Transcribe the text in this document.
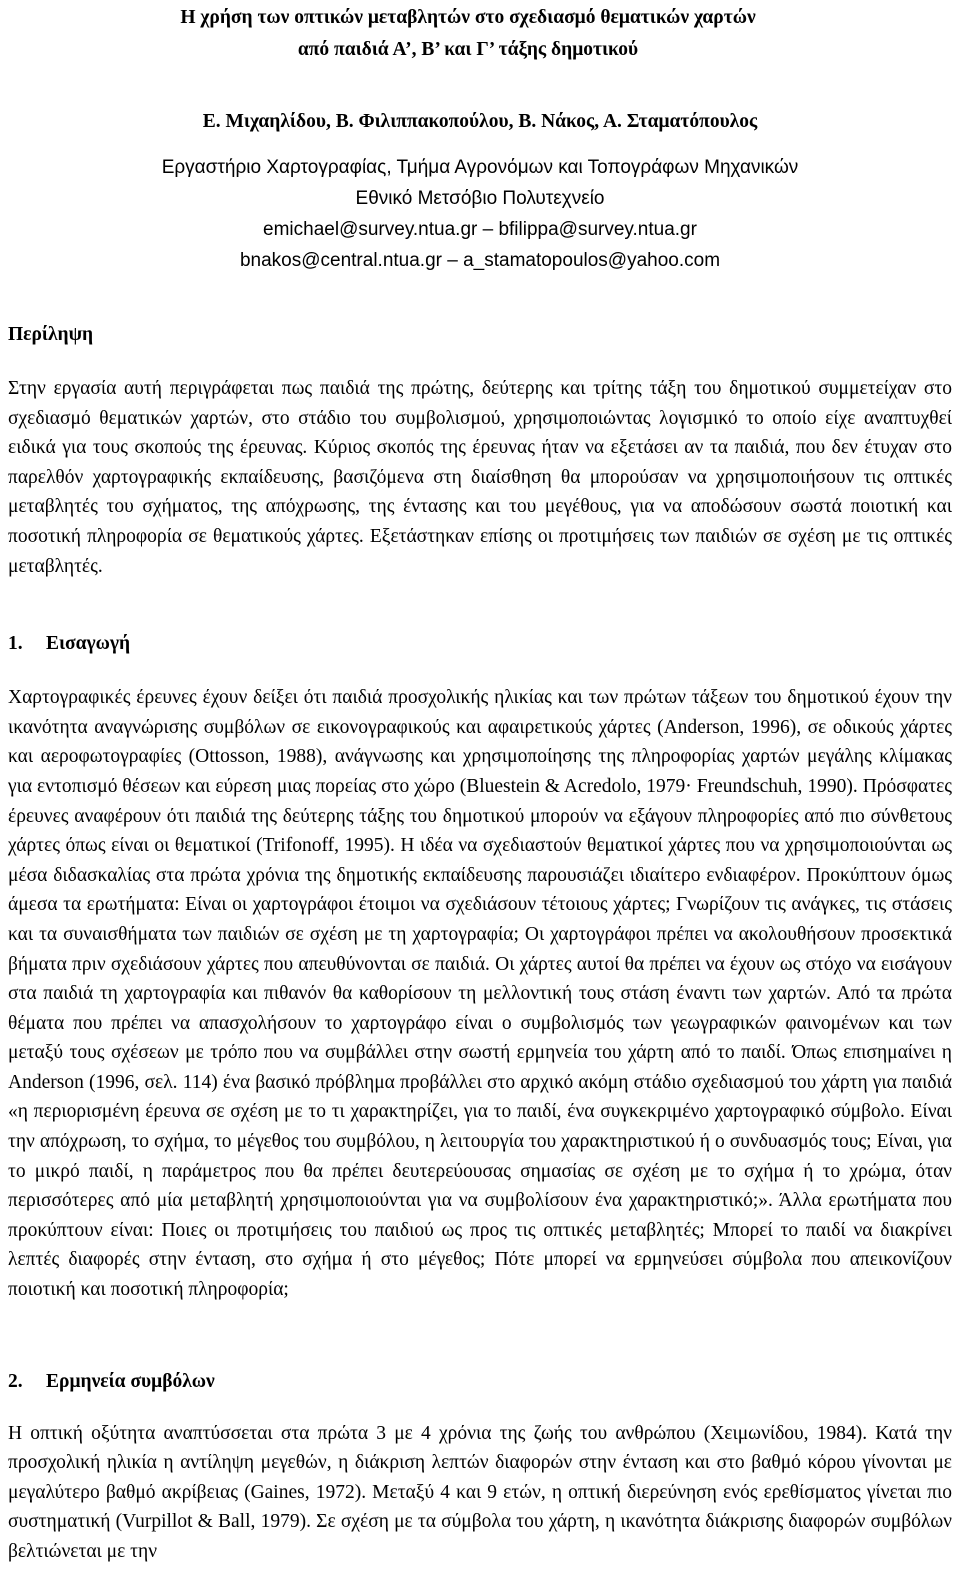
Η χρήση των οπτικών μεταβλητών στο σχεδιασμό θεματικών χαρτών

από παιδιά Α’, Β’ και Γ’ τάξης δημοτικού

Ε. Μιχαηλίδου, Β. Φιλιππακοπούλου, Β. Νάκος, Α. Σταματόπουλος

Εργαστήριο Χαρτογραφίας, Τμήμα Αγρονόμων και Τοπογράφων Μηχανικών

Εθνικό Μετσόβιο Πολυτεχνείο

emichael@survey.ntua.gr – bfilippa@survey.ntua.gr

bnakos@central.ntua.gr – a_stamatopoulos@yahoo.com

Περίληψη

Στην εργασία αυτή περιγράφεται πως παιδιά της πρώτης, δεύτερης και τρίτης τάξη του δημοτικού συμμετείχαν στο σχεδιασμό θεματικών χαρτών, στο στάδιο του συμβολισμού, χρησιμοποιώντας λογισμικό το οποίο είχε αναπτυχθεί ειδικά για τους σκοπούς της έρευνας. Κύριος σκοπός της έρευνας ήταν να εξετάσει αν τα παιδιά, που δεν έτυχαν στο παρελθόν χαρτογραφικής εκπαίδευσης, βασιζόμενα στη διαίσθηση θα μπορούσαν να χρησιμοποιήσουν τις οπτικές μεταβλητές του σχήματος, της απόχρωσης, της έντασης και του μεγέθους, για να αποδώσουν σωστά ποιοτική και ποσοτική πληροφορία σε θεματικούς χάρτες. Εξετάστηκαν επίσης οι προτιμήσεις των παιδιών σε σχέση με τις οπτικές μεταβλητές.

1. Εισαγωγή

Χαρτογραφικές έρευνες έχουν δείξει ότι παιδιά προσχολικής ηλικίας και των πρώτων τάξεων του δημοτικού έχουν την ικανότητα αναγνώρισης συμβόλων σε εικονογραφικούς και αφαιρετικούς χάρτες (Anderson, 1996), σε οδικούς χάρτες και αεροφωτογραφίες (Ottosson, 1988), ανάγνωσης και χρησιμοποίησης της πληροφορίας χαρτών μεγάλης κλίμακας για εντοπισμό θέσεων και εύρεση μιας πορείας στο χώρο (Bluestein & Acredolo, 1979· Freundschuh, 1990). Πρόσφατες έρευνες αναφέρουν ότι παιδιά της δεύτερης τάξης του δημοτικού μπορούν να εξάγουν πληροφορίες από πιο σύνθετους χάρτες όπως είναι οι θεματικοί (Trifonoff, 1995). Η ιδέα να σχεδιαστούν θεματικοί χάρτες που να χρησιμοποιούνται ως μέσα διδασκαλίας στα πρώτα χρόνια της δημοτικής εκπαίδευσης παρουσιάζει ιδιαίτερο ενδιαφέρον. Προκύπτουν όμως άμεσα τα ερωτήματα: Είναι οι χαρτογράφοι έτοιμοι να σχεδιάσουν τέτοιους χάρτες; Γνωρίζουν τις ανάγκες, τις στάσεις και τα συναισθήματα των παιδιών σε σχέση με τη χαρτογραφία; Οι χαρτογράφοι πρέπει να ακολουθήσουν προσεκτικά βήματα πριν σχεδιάσουν χάρτες που απευθύνονται σε παιδιά. Οι χάρτες αυτοί θα πρέπει να έχουν ως στόχο να εισάγουν στα παιδιά τη χαρτογραφία και πιθανόν θα καθορίσουν τη μελλοντική τους στάση έναντι των χαρτών. Από τα πρώτα θέματα που πρέπει να απασχολήσουν το χαρτογράφο είναι ο συμβολισμός των γεωγραφικών φαινομένων και των μεταξύ τους σχέσεων με τρόπο που να συμβάλλει στην σωστή ερμηνεία του χάρτη από το παιδί. Όπως επισημαίνει η Anderson (1996, σελ. 114) ένα βασικό πρόβλημα προβάλλει στο αρχικό ακόμη στάδιο σχεδιασμού του χάρτη για παιδιά «η περιορισμένη έρευνα σε σχέση με το τι χαρακτηρίζει, για το παιδί, ένα συγκεκριμένο χαρτογραφικό σύμβολο. Είναι την απόχρωση, το σχήμα, το μέγεθος του συμβόλου, η λειτουργία του χαρακτηριστικού ή ο συνδυασμός τους; Είναι, για το μικρό παιδί, η παράμετρος που θα πρέπει δευτερεύουσας σημασίας σε σχέση με το σχήμα ή το χρώμα, όταν περισσότερες από μία μεταβλητή χρησιμοποιούνται για να συμβολίσουν ένα χαρακτηριστικό;». Άλλα ερωτήματα που προκύπτουν είναι: Ποιες οι προτιμήσεις του παιδιού ως προς τις οπτικές μεταβλητές; Μπορεί το παιδί να διακρίνει λεπτές διαφορές στην ένταση, στο σχήμα ή στο μέγεθος; Πότε μπορεί να ερμηνεύσει σύμβολα που απεικονίζουν ποιοτική και ποσοτική πληροφορία;

2. Ερμηνεία συμβόλων

Η οπτική οξύτητα αναπτύσσεται στα πρώτα 3 με 4 χρόνια της ζωής του ανθρώπου (Χειμωνίδου, 1984). Κατά την προσχολική ηλικία η αντίληψη μεγεθών, η διάκριση λεπτών διαφορών στην ένταση και στο βαθμό κόρου γίνονται με μεγαλύτερο βαθμό ακρίβειας (Gaines, 1972). Μεταξύ 4 και 9 ετών, η οπτική διερεύνηση ενός ερεθίσματος γίνεται πιο συστηματική (Vurpillot & Ball, 1979). Σε σχέση με τα σύμβολα του χάρτη, η ικανότητα διάκρισης διαφορών συμβόλων βελτιώνεται με την
